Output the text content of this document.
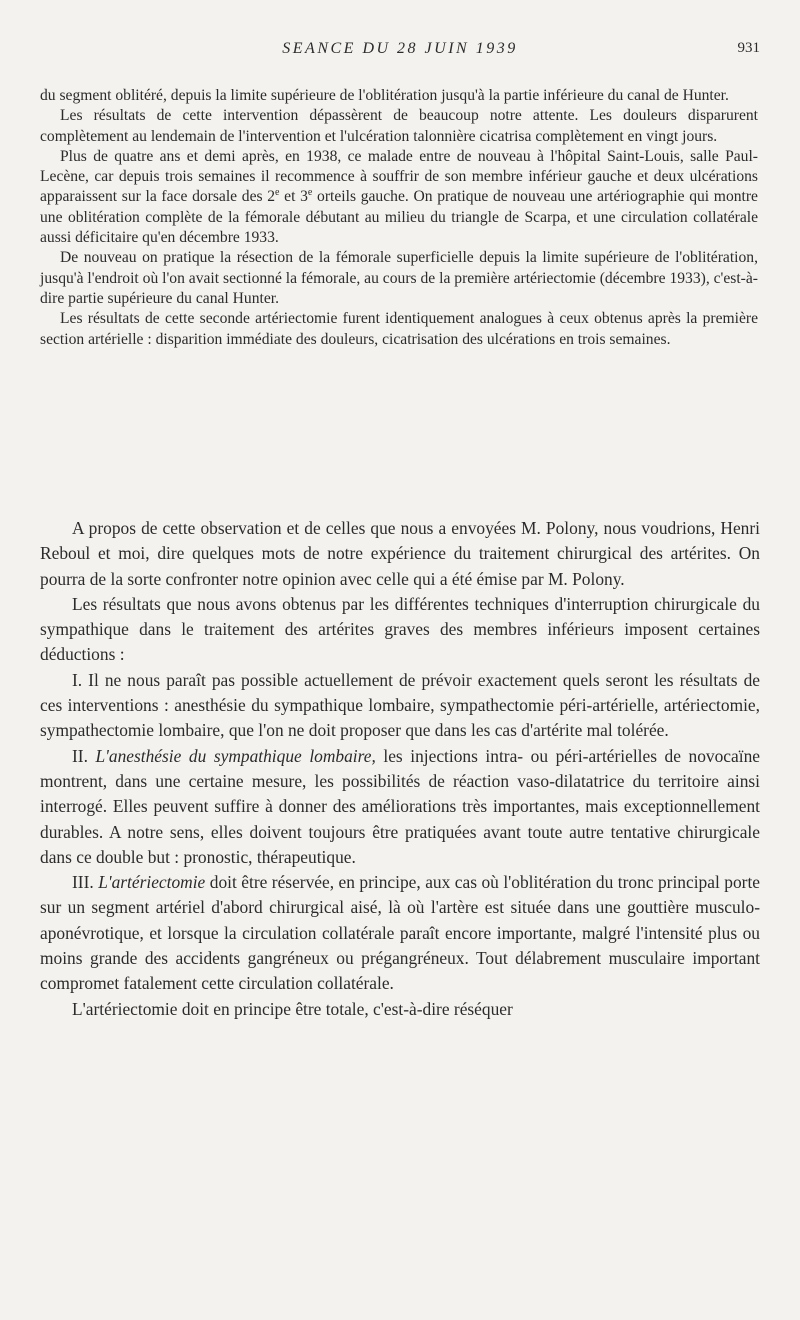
SEANCE DU 28 JUIN 1939	931

du segment oblitéré, depuis la limite supérieure de l'oblitération jusqu'à la partie inférieure du canal de Hunter.

Les résultats de cette intervention dépassèrent de beaucoup notre attente. Les douleurs disparurent complètement au lendemain de l'intervention et l'ulcération talonnière cicatrisa complètement en vingt jours.

Plus de quatre ans et demi après, en 1938, ce malade entre de nouveau à l'hôpital Saint-Louis, salle Paul-Lecène, car depuis trois semaines il recommence à souffrir de son membre inférieur gauche et deux ulcérations apparaissent sur la face dorsale des 2e et 3e orteils gauche. On pratique de nouveau une artériographie qui montre une oblitération complète de la fémorale débutant au milieu du triangle de Scarpa, et une circulation collatérale aussi déficitaire qu'en décembre 1933.

De nouveau on pratique la résection de la fémorale superficielle depuis la limite supérieure de l'oblitération, jusqu'à l'endroit où l'on avait sectionné la fémorale, au cours de la première artériectomie (décembre 1933), c'est-à-dire partie supérieure du canal Hunter.

Les résultats de cette seconde artériectomie furent identiquement analogues à ceux obtenus après la première section artérielle : disparition immédiate des douleurs, cicatrisation des ulcérations en trois semaines.

A propos de cette observation et de celles que nous a envoyées M. Polony, nous voudrions, Henri Reboul et moi, dire quelques mots de notre expérience du traitement chirurgical des artérites. On pourra de la sorte confronter notre opinion avec celle qui a été émise par M. Polony.

Les résultats que nous avons obtenus par les différentes techniques d'interruption chirurgicale du sympathique dans le traitement des artérites graves des membres inférieurs imposent certaines déductions :

I. Il ne nous paraît pas possible actuellement de prévoir exactement quels seront les résultats de ces interventions : anesthésie du sympathique lombaire, sympathectomie péri-artérielle, artériectomie, sympathectomie lombaire, que l'on ne doit proposer que dans les cas d'artérite mal tolérée.

II. L'anesthésie du sympathique lombaire, les injections intra- ou péri-artérielles de novocaïne montrent, dans une certaine mesure, les possibilités de réaction vaso-dilatatrice du territoire ainsi interrogé. Elles peuvent suffire à donner des améliorations très importantes, mais exceptionnellement durables. A notre sens, elles doivent toujours être pratiquées avant toute autre tentative chirurgicale dans ce double but : pronostic, thérapeutique.

III. L'artériectomie doit être réservée, en principe, aux cas où l'oblitération du tronc principal porte sur un segment artériel d'abord chirurgical aisé, là où l'artère est située dans une gouttière musculo-aponévrotique, et lorsque la circulation collatérale paraît encore importante, malgré l'intensité plus ou moins grande des accidents gangréneux ou prégangréneux. Tout délabrement musculaire important compromet fatalement cette circulation collatérale.

L'artériectomie doit en principe être totale, c'est-à-dire réséquer
